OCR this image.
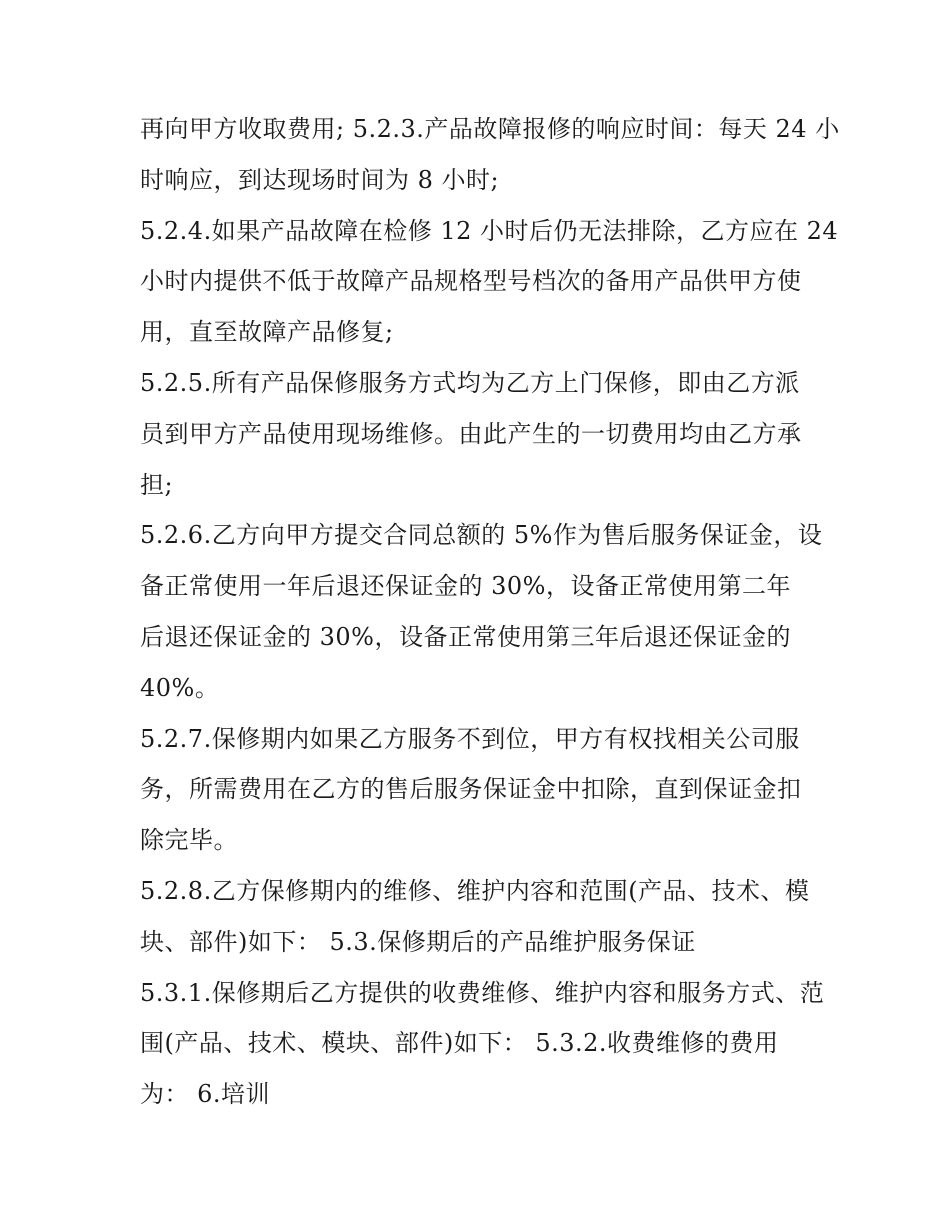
再向甲方收取费用; 5.2.3.产品故障报修的响应时间：每天 24 小
时响应，到达现场时间为 8 小时;
5.2.4.如果产品故障在检修 12 小时后仍无法排除，乙方应在 24
小时内提供不低于故障产品规格型号档次的备用产品供甲方使
用，直至故障产品修复;
5.2.5.所有产品保修服务方式均为乙方上门保修，即由乙方派
员到甲方产品使用现场维修。由此产生的一切费用均由乙方承
担;
5.2.6.乙方向甲方提交合同总额的 5%作为售后服务保证金，设
备正常使用一年后退还保证金的 30%，设备正常使用第二年
后退还保证金的 30%，设备正常使用第三年后退还保证金的
40%。
5.2.7.保修期内如果乙方服务不到位，甲方有权找相关公司服
务，所需费用在乙方的售后服务保证金中扣除，直到保证金扣
除完毕。
5.2.8.乙方保修期内的维修、维护内容和范围(产品、技术、模
块、部件)如下： 5.3.保修期后的产品维护服务保证
5.3.1.保修期后乙方提供的收费维修、维护内容和服务方式、范
围(产品、技术、模块、部件)如下： 5.3.2.收费维修的费用
为： 6.培训
